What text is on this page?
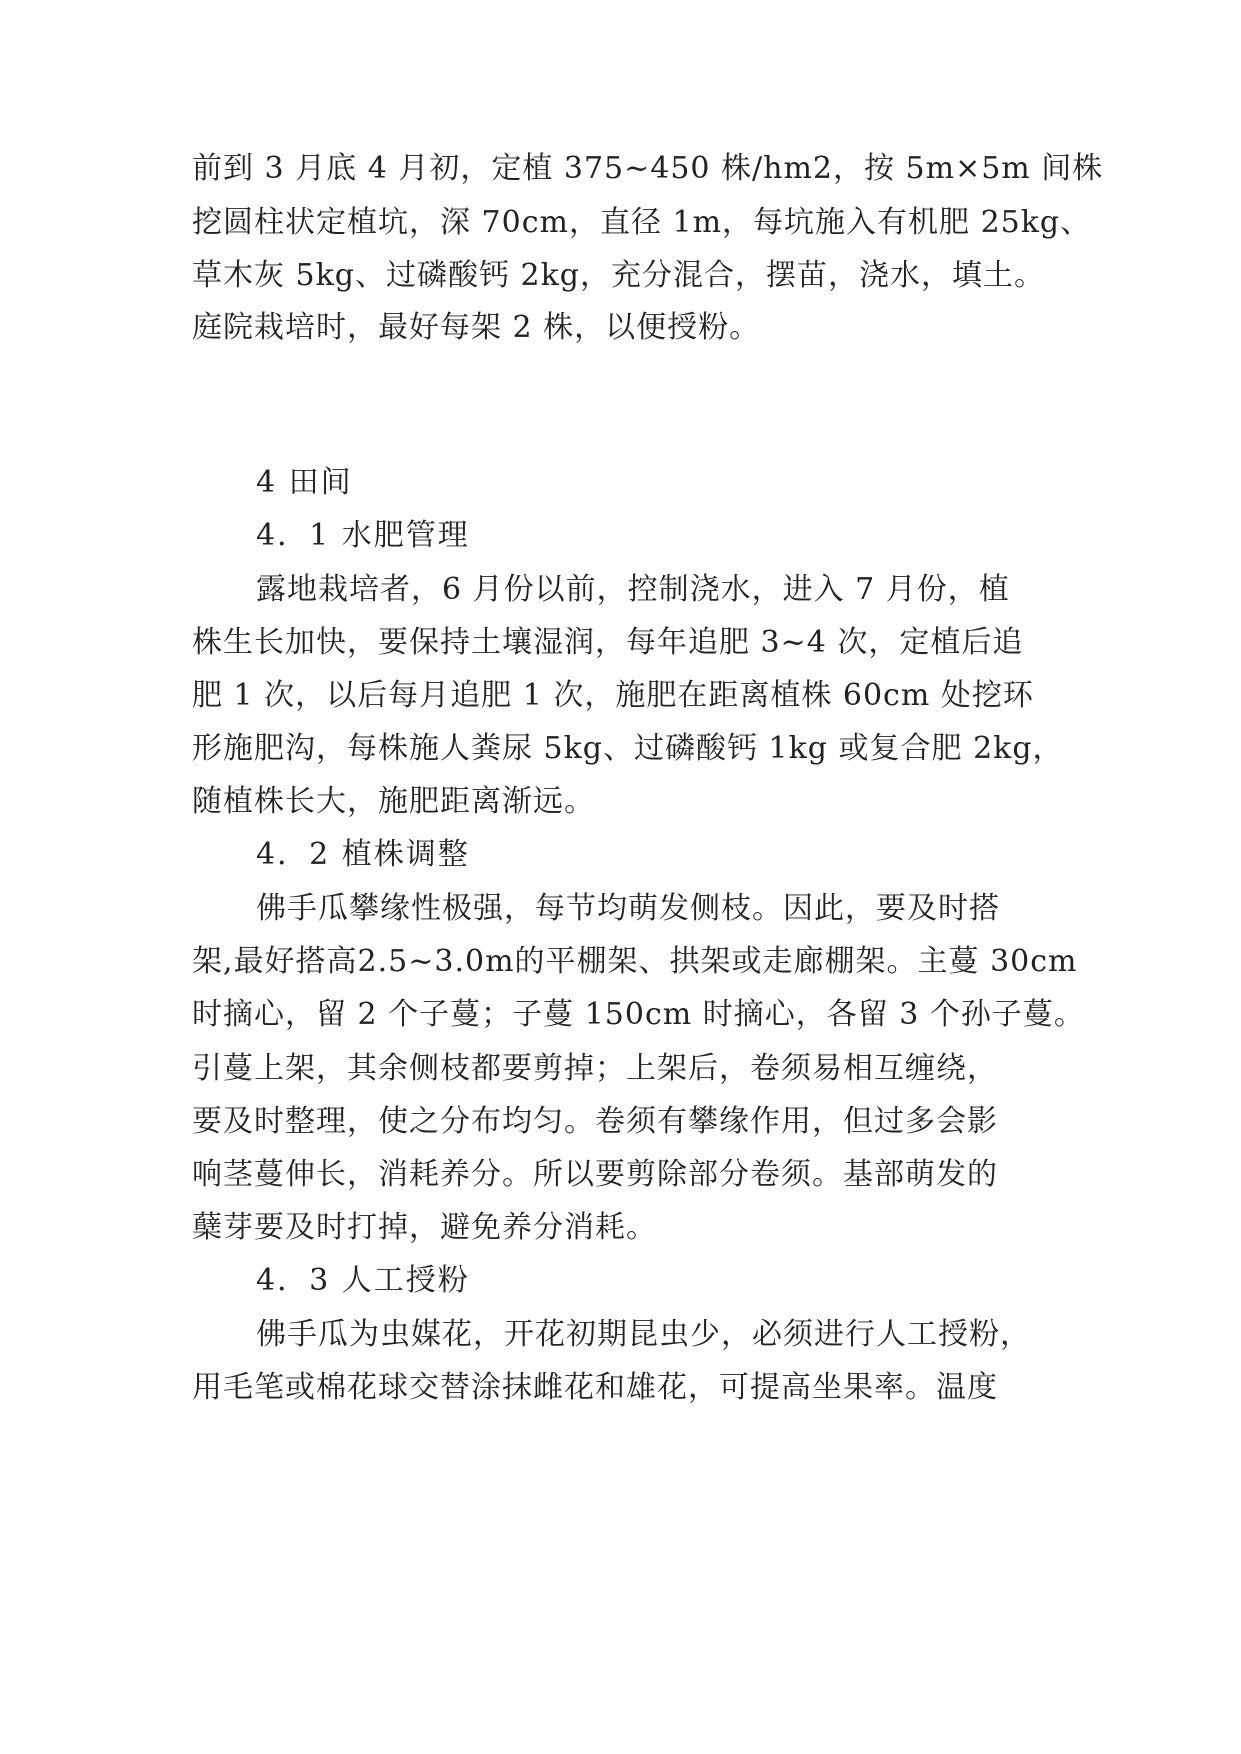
前到 3 月底 4 月初，定植 375~450 株/hm2，按 5m×5m 间株

挖圆柱状定植坑，深 70cm，直径 1m，每坑施入有机肥 25kg、

草木灰 5kg、过磷酸钙 2kg，充分混合，摆苗，浇水，填土。

庭院栽培时，最好每架 2 株，以便授粉。

4 田间

4．1 水肥管理

露地栽培者，6 月份以前，控制浇水，进入 7 月份，植

株生长加快，要保持土壤湿润，每年追肥 3~4 次，定植后追

肥 1 次，以后每月追肥 1 次，施肥在距离植株 60cm 处挖环

形施肥沟，每株施人粪尿 5kg、过磷酸钙 1kg 或复合肥 2kg，

随植株长大，施肥距离渐远。

4．2 植株调整

佛手瓜攀缘性极强，每节均萌发侧枝。因此，要及时搭

架,最好搭高2.5~3.0m的平棚架、拱架或走廊棚架。主蔓 30cm

时摘心，留 2 个子蔓；子蔓 150cm 时摘心，各留 3 个孙子蔓。

引蔓上架，其余侧枝都要剪掉；上架后，卷须易相互缠绕，

要及时整理，使之分布均匀。卷须有攀缘作用，但过多会影

响茎蔓伸长，消耗养分。所以要剪除部分卷须。基部萌发的

蘖芽要及时打掉，避免养分消耗。

4．3 人工授粉

佛手瓜为虫媒花，开花初期昆虫少，必须进行人工授粉，

用毛笔或棉花球交替涂抹雌花和雄花，可提高坐果率。温度
